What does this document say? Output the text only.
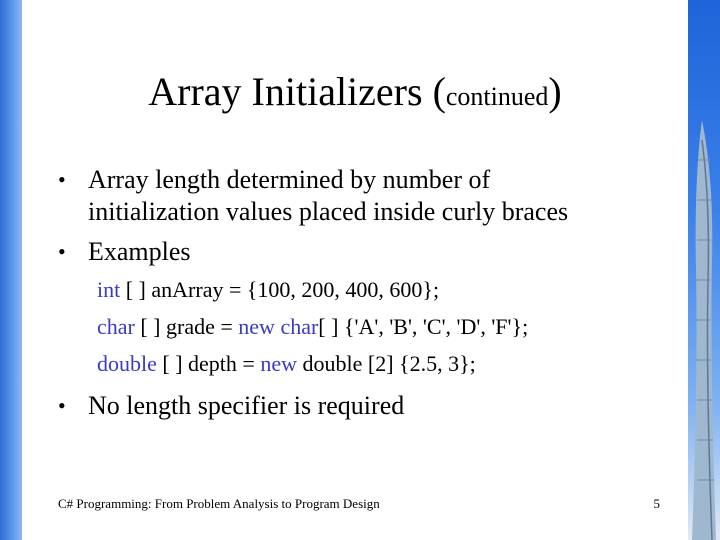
Array Initializers (continued)
• Array length determined by number of initialization values placed inside curly braces
• Examples
int [ ] anArray = {100, 200, 400, 600};
char [ ] grade = new char[ ] {'A', 'B', 'C', 'D', 'F'};
double [ ] depth = new double [2] {2.5, 3};
• No length specifier is required
C# Programming: From Problem Analysis to Program Design	5
